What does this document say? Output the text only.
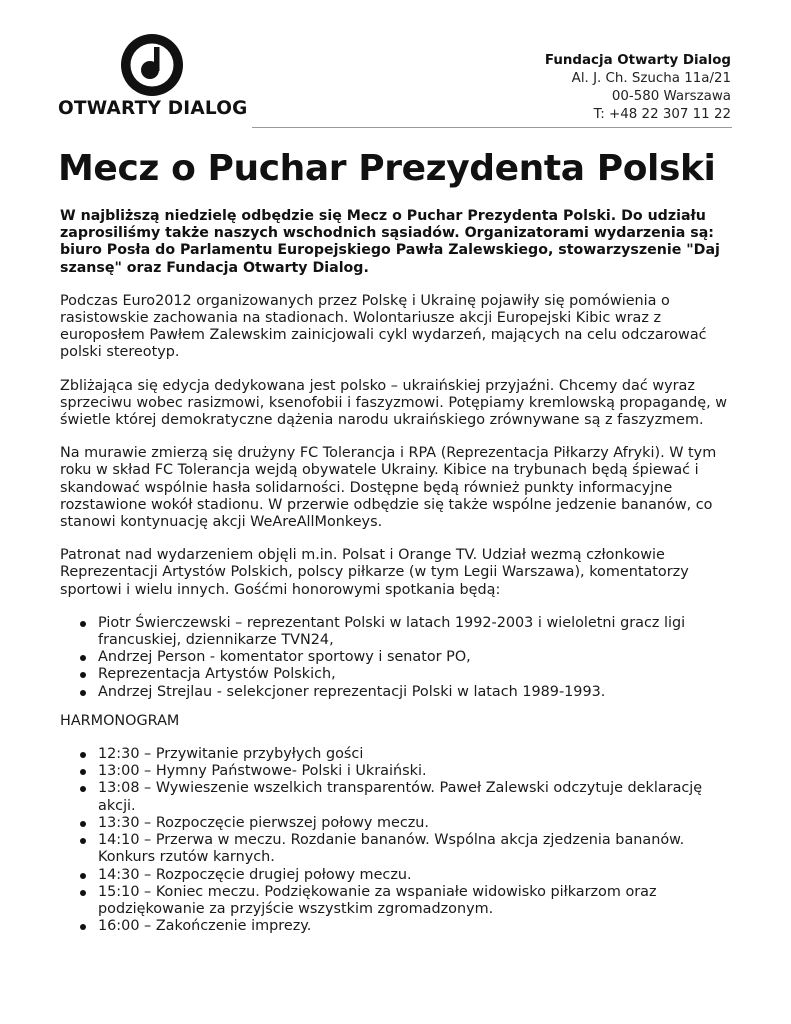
OTWARTY DIALOG
Fundacja Otwarty Dialog
Al. J. Ch. Szucha 11a/21
00-580 Warszawa
T: +48 22 307 11 22
Mecz o Puchar Prezydenta Polski

W najbliższą niedzielę odbędzie się Mecz o Puchar Prezydenta Polski. Do udziału zaprosiliśmy także naszych wschodnich sąsiadów. Organizatorami wydarzenia są: biuro Posła do Parlamentu Europejskiego Pawła Zalewskiego, stowarzyszenie "Daj szansę" oraz Fundacja Otwarty Dialog.

Podczas Euro2012 organizowanych przez Polskę i Ukrainę pojawiły się pomówienia o rasistowskie zachowania na stadionach. Wolontariusze akcji Europejski Kibic wraz z europosłem Pawłem Zalewskim zainicjowali cykl wydarzeń, mających na celu odczarować polski stereotyp.

Zbliżająca się edycja dedykowana jest polsko – ukraińskiej przyjaźni. Chcemy dać wyraz sprzeciwu wobec rasizmowi, ksenofobii i faszyzmowi. Potępiamy kremlowską propagandę, w świetle której demokratyczne dążenia narodu ukraińskiego zrównywane są z faszyzmem.

Na murawie zmierzą się drużyny FC Tolerancja i RPA (Reprezentacja Piłkarzy Afryki). W tym roku w skład FC Tolerancja wejdą obywatele Ukrainy. Kibice na trybunach będą śpiewać i skandować wspólnie hasła solidarności. Dostępne będą również punkty informacyjne rozstawione wokół stadionu. W przerwie odbędzie się także wspólne jedzenie bananów, co stanowi kontynuację akcji WeAreAllMonkeys.

Patronat nad wydarzeniem objęli m.in. Polsat i Orange TV. Udział wezmą członkowie Reprezentacji Artystów Polskich, polscy piłkarze (w tym Legii Warszawa), komentatorzy sportowi i wielu innych. Gośćmi honorowymi spotkania będą:

Piotr Świerczewski – reprezentant Polski w latach 1992-2003 i wieloletni gracz ligi francuskiej, dziennikarze TVN24,
Andrzej Person - komentator sportowy i senator PO,
Reprezentacja Artystów Polskich,
Andrzej Strejlau - selekcjoner reprezentacji Polski w latach 1989-1993.

HARMONOGRAM

12:30 – Przywitanie przybyłych gości
13:00 – Hymny Państwowe- Polski i Ukraiński.
13:08 – Wywieszenie wszelkich transparentów. Paweł Zalewski odczytuje deklarację akcji.
13:30 – Rozpoczęcie pierwszej połowy meczu.
14:10 – Przerwa w meczu. Rozdanie bananów. Wspólna akcja zjedzenia bananów. Konkurs rzutów karnych.
14:30 – Rozpoczęcie drugiej połowy meczu.
15:10 – Koniec meczu. Podziękowanie za wspaniałe widowisko piłkarzom oraz podziękowanie za przyjście wszystkim zgromadzonym.
16:00 – Zakończenie imprezy.
